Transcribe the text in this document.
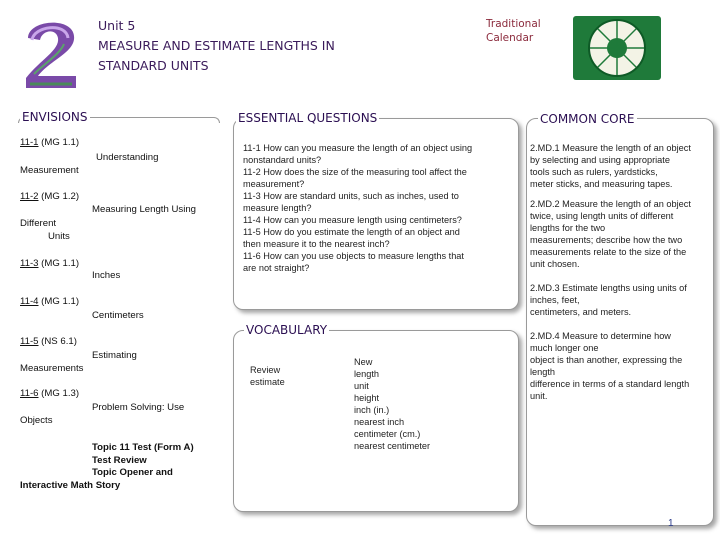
Unit 5
MEASURE AND ESTIMATE LENGTHS IN
STANDARD UNITS
Traditional
Calendar
ENVISIONS
11-1 (MG 1.1)
Understanding
Measurement
11-2 (MG 1.2)
Measuring Length Using
Different
Units
11-3 (MG 1.1)
Inches
11-4 (MG 1.1)
Centimeters
11-5 (NS 6.1)
Estimating
Measurements
11-6 (MG 1.3)
Problem Solving: Use
Objects
Topic 11 Test (Form A)
Test Review
Topic Opener and
Interactive Math Story
ESSENTIAL QUESTIONS
11-1 How can you measure the length of an object using
nonstandard units?
11-2 How does the size of the measuring tool affect the
measurement?
11-3 How are standard units, such as inches, used to
measure length?
11-4 How can you measure length using centimeters?
11-5 How do you estimate the length of an object and
then measure it to the nearest inch?
11-6 How can you use objects to measure lengths that
are not straight?
VOCABULARY
Review
estimate
New
length
unit
height
inch (in.)
nearest inch
centimeter (cm.)
nearest centimeter
COMMON CORE
2.MD.1 Measure the length of an object
by selecting and using appropriate
tools such as rulers, yardsticks,
meter sticks, and measuring tapes.
2.MD.2 Measure the length of an object
twice, using length units of different
lengths for the two
measurements; describe how the two
measurements relate to the size of the
unit chosen.
2.MD.3 Estimate lengths using units of
inches, feet,
centimeters, and meters.
2.MD.4 Measure to determine how
much longer one
object is than another, expressing the
length
difference in terms of a standard length
unit.
1
